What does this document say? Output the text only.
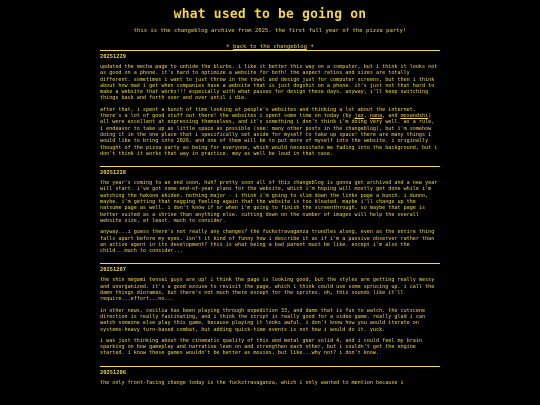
what used to be going on
this is the changeblog archive from 2025. the first full year of the pizza party!
☀ back to the changeblog ☀
20251229

updated the mecha page to unhide the blurbs. i like it better this way on a computer, but i think it looks not as good on a phone. it's hard to optimize a website for both! the aspect ratios and sizes are totally different. sometimes i want to just throw in the towel and design just for computer screens, but then i think about how mad i get when companies have a website that is just dogshit on a phone. it's just not that hard to make a website that works!!! especially with what passes for design these days. anyway, i'll keep switching things back and forth over and over until i die.

after that, i spent a bunch of time looking at people's websites and thinking a lot about the internet. there's a lot of good stuff out there! the websites i spent some time on today (by jax, nana, and moxandshi) all were excellent at expressing themselves, and it's something i don't think i'm doing very well. as a rule, i endeavor to take up as little space as possible (see: many other posts in the changeblog), but i'm somehow doing it in the one place that i specifically set aside for myself to take up space! there are many things i would like to bring into 2026, and one of them will be to put more of myself into the website. i originally thought of the pizza party as being for everyone, which would necessitate me fading into the background, but i don't think it works that way in practice. may as well be loud in that case.

20251228

the year's coming to an end soon, huh? pretty soon all of this changeblog is gonna get archived and a new year will start. i've got some end-of-year plans for the website, which i'm hoping will mostly get done while i'm watching the hakone ekiden. nothing major - i think i'm going to slim down the links page a bunch. i dunno, maybe. i'm getting that nagging feeling again that the website is too bloated. maybe i'll change up the natsume page as well. i don't know if or when i'm going to finish the screenthrough, so maybe that page is better suited as a shrine than anything else. cutting down on the number of images will help the overall website size, at least. much to consider.

anyway...i guess there's not really any changes? the fuckstravaganza trundles along, even as the entire thing falls apart before my eyes. isn't it kind of funny how i describe it as if i'm a passive observer rather than an active agent in its development? this is what being a bad parent must be like. except i'm also the child...much to consider...

20251207

the shin megami tensei guys are up! i think the page is looking good, but the styles are getting really messy and unorganized. it's a good excuse to revisit the page, which i think could use some sprucing up. i call the damn things dioramas, but there's not much there except for the sprites. oh, this sounds like it'll require...effort...no...

in other news, cecilia has been playing through expedition 33, and damn that is fun to watch. the cutscene direction is really fascinating, and i think the script is really good for a video game. really glad i can watch someone else play this game, because playing it looks awful. i don't know how you would iterate on systems-heavy turn-based combat, but adding quick-time events is not how i would do it. yuck.

i was just thinking about the cinematic quality of this and metal gear solid 4, and i could feel my brain sparking on how gameplay and narrative lean on and strengthen each other, but i couldn't get the engine started. i know these games wouldn't be better as movies, but like...why not? i don't know.

20251206

the only front-facing change today is the fuckstravaganza, which i only wanted to mention because i
